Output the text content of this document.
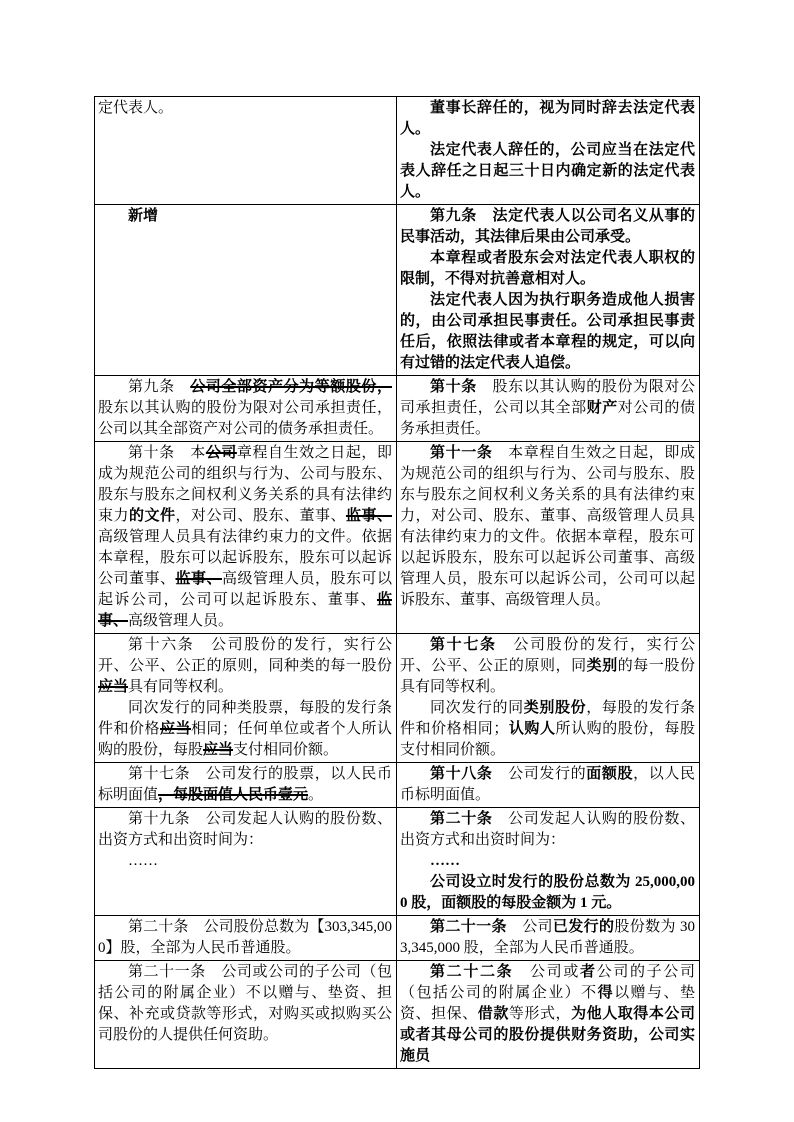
定代表人。	董事长辞任的，视为同时辞去法定代表人。

法定代表人辞任的，公司应当在法定代表人辞任之日起三十日内确定新的法定代表人。

新增	第九条　法定代表人以公司名义从事的民事活动，其法律后果由公司承受。

本章程或者股东会对法定代表人职权的限制，不得对抗善意相对人。

法定代表人因为执行职务造成他人损害的，由公司承担民事责任。公司承担民事责任后，依照法律或者本章程的规定，可以向有过错的法定代表人追偿。

第九条　公司全部资产分为等额股份，股东以其认购的股份为限对公司承担责任，公司以其全部资产对公司的债务承担责任。

第十条　股东以其认购的股份为限对公司承担责任，公司以其全部财产对公司的债务承担责任。

第十条　本公司章程自生效之日起，即成为规范公司的组织与行为、公司与股东、股东与股东之间权利义务关系的具有法律约束力的文件，对公司、股东、董事、监事、高级管理人员具有法律约束力的文件。依据本章程，股东可以起诉股东，股东可以起诉公司董事、监事、高级管理人员，股东可以起诉公司，公司可以起诉股东、董事、监事、高级管理人员。

第十一条　本章程自生效之日起，即成为规范公司的组织与行为、公司与股东、股东与股东之间权利义务关系的具有法律约束力，对公司、股东、董事、高级管理人员具有法律约束力的文件。依据本章程，股东可以起诉股东，股东可以起诉公司董事、高级管理人员，股东可以起诉公司，公司可以起诉股东、董事、高级管理人员。

第十六条　公司股份的发行，实行公开、公平、公正的原则，同种类的每一股份应当具有同等权利。

同次发行的同种类股票，每股的发行条件和价格应当相同；任何单位或者个人所认购的股份，每股应当支付相同价额。

第十七条　公司股份的发行，实行公开、公平、公正的原则，同类别的每一股份具有同等权利。

同次发行的同类别股份，每股的发行条件和价格相同；认购人所认购的股份，每股支付相同价额。

第十七条　公司发行的股票，以人民币标明面值，每股面值人民币壹元。

第十八条　公司发行的面额股，以人民币标明面值。

第十九条　公司发起人认购的股份数、出资方式和出资时间为：

……

第二十条　公司发起人认购的股份数、出资方式和出资时间为：

……

公司设立时发行的股份总数为 25,000,000 股，面额股的每股金额为 1 元。

第二十条　公司股份总数为【303,345,000】股，全部为人民币普通股。

第二十一条　公司已发行的股份数为 303,345,000 股，全部为人民币普通股。

第二十一条　公司或公司的子公司（包括公司的附属企业）不以赠与、垫资、担保、补充或贷款等形式，对购买或拟购买公司股份的人提供任何资助。

第二十二条　公司或者公司的子公司（包括公司的附属企业）不得以赠与、垫资、担保、借款等形式，为他人取得本公司或者其母公司的股份提供财务资助，公司实施员
